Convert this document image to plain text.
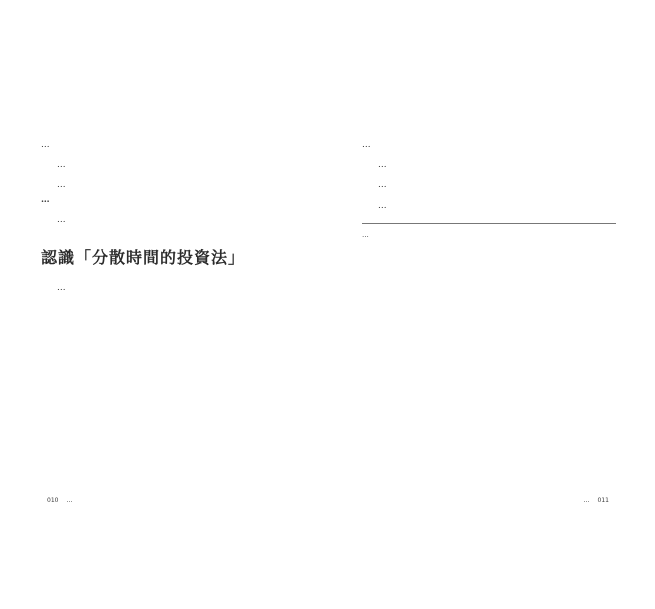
…

…

…

…

…

認識「分散時間的投資法」

…

010 …

…

…

…

…

…
… 011
